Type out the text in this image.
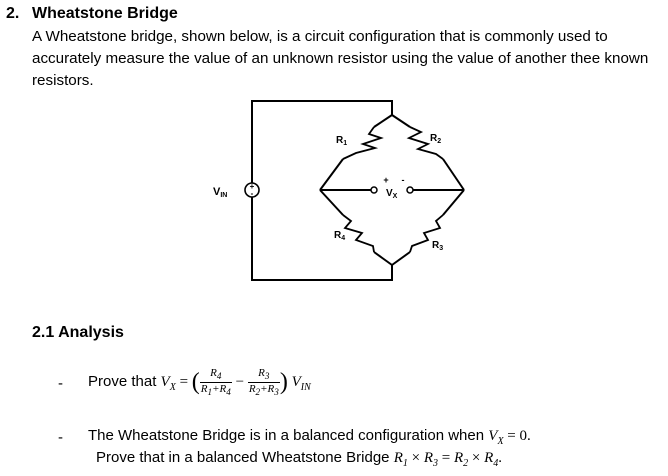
2. Wheatstone Bridge
A Wheatstone bridge, shown below, is a circuit configuration that is commonly used to accurately measure the value of an unknown resistor using the value of another thee known resistors.
+
-
VIN
+ -
$V_X$
$R_1$	$R_2$
$R_4$
$R_3$
2.1 Analysis
- Prove that $V_X$ = ( $\frac{R_4}{R_1+R_4} - \frac{R_3}{R_2+R_3}$ ) $V_{IN}$
- The Wheatstone Bridge is in a balanced configuration when $V_X = 0$.
Prove that in a balanced Wheatstone Bridge $R_1 \times R_3 = R_2 \times R_4$.
